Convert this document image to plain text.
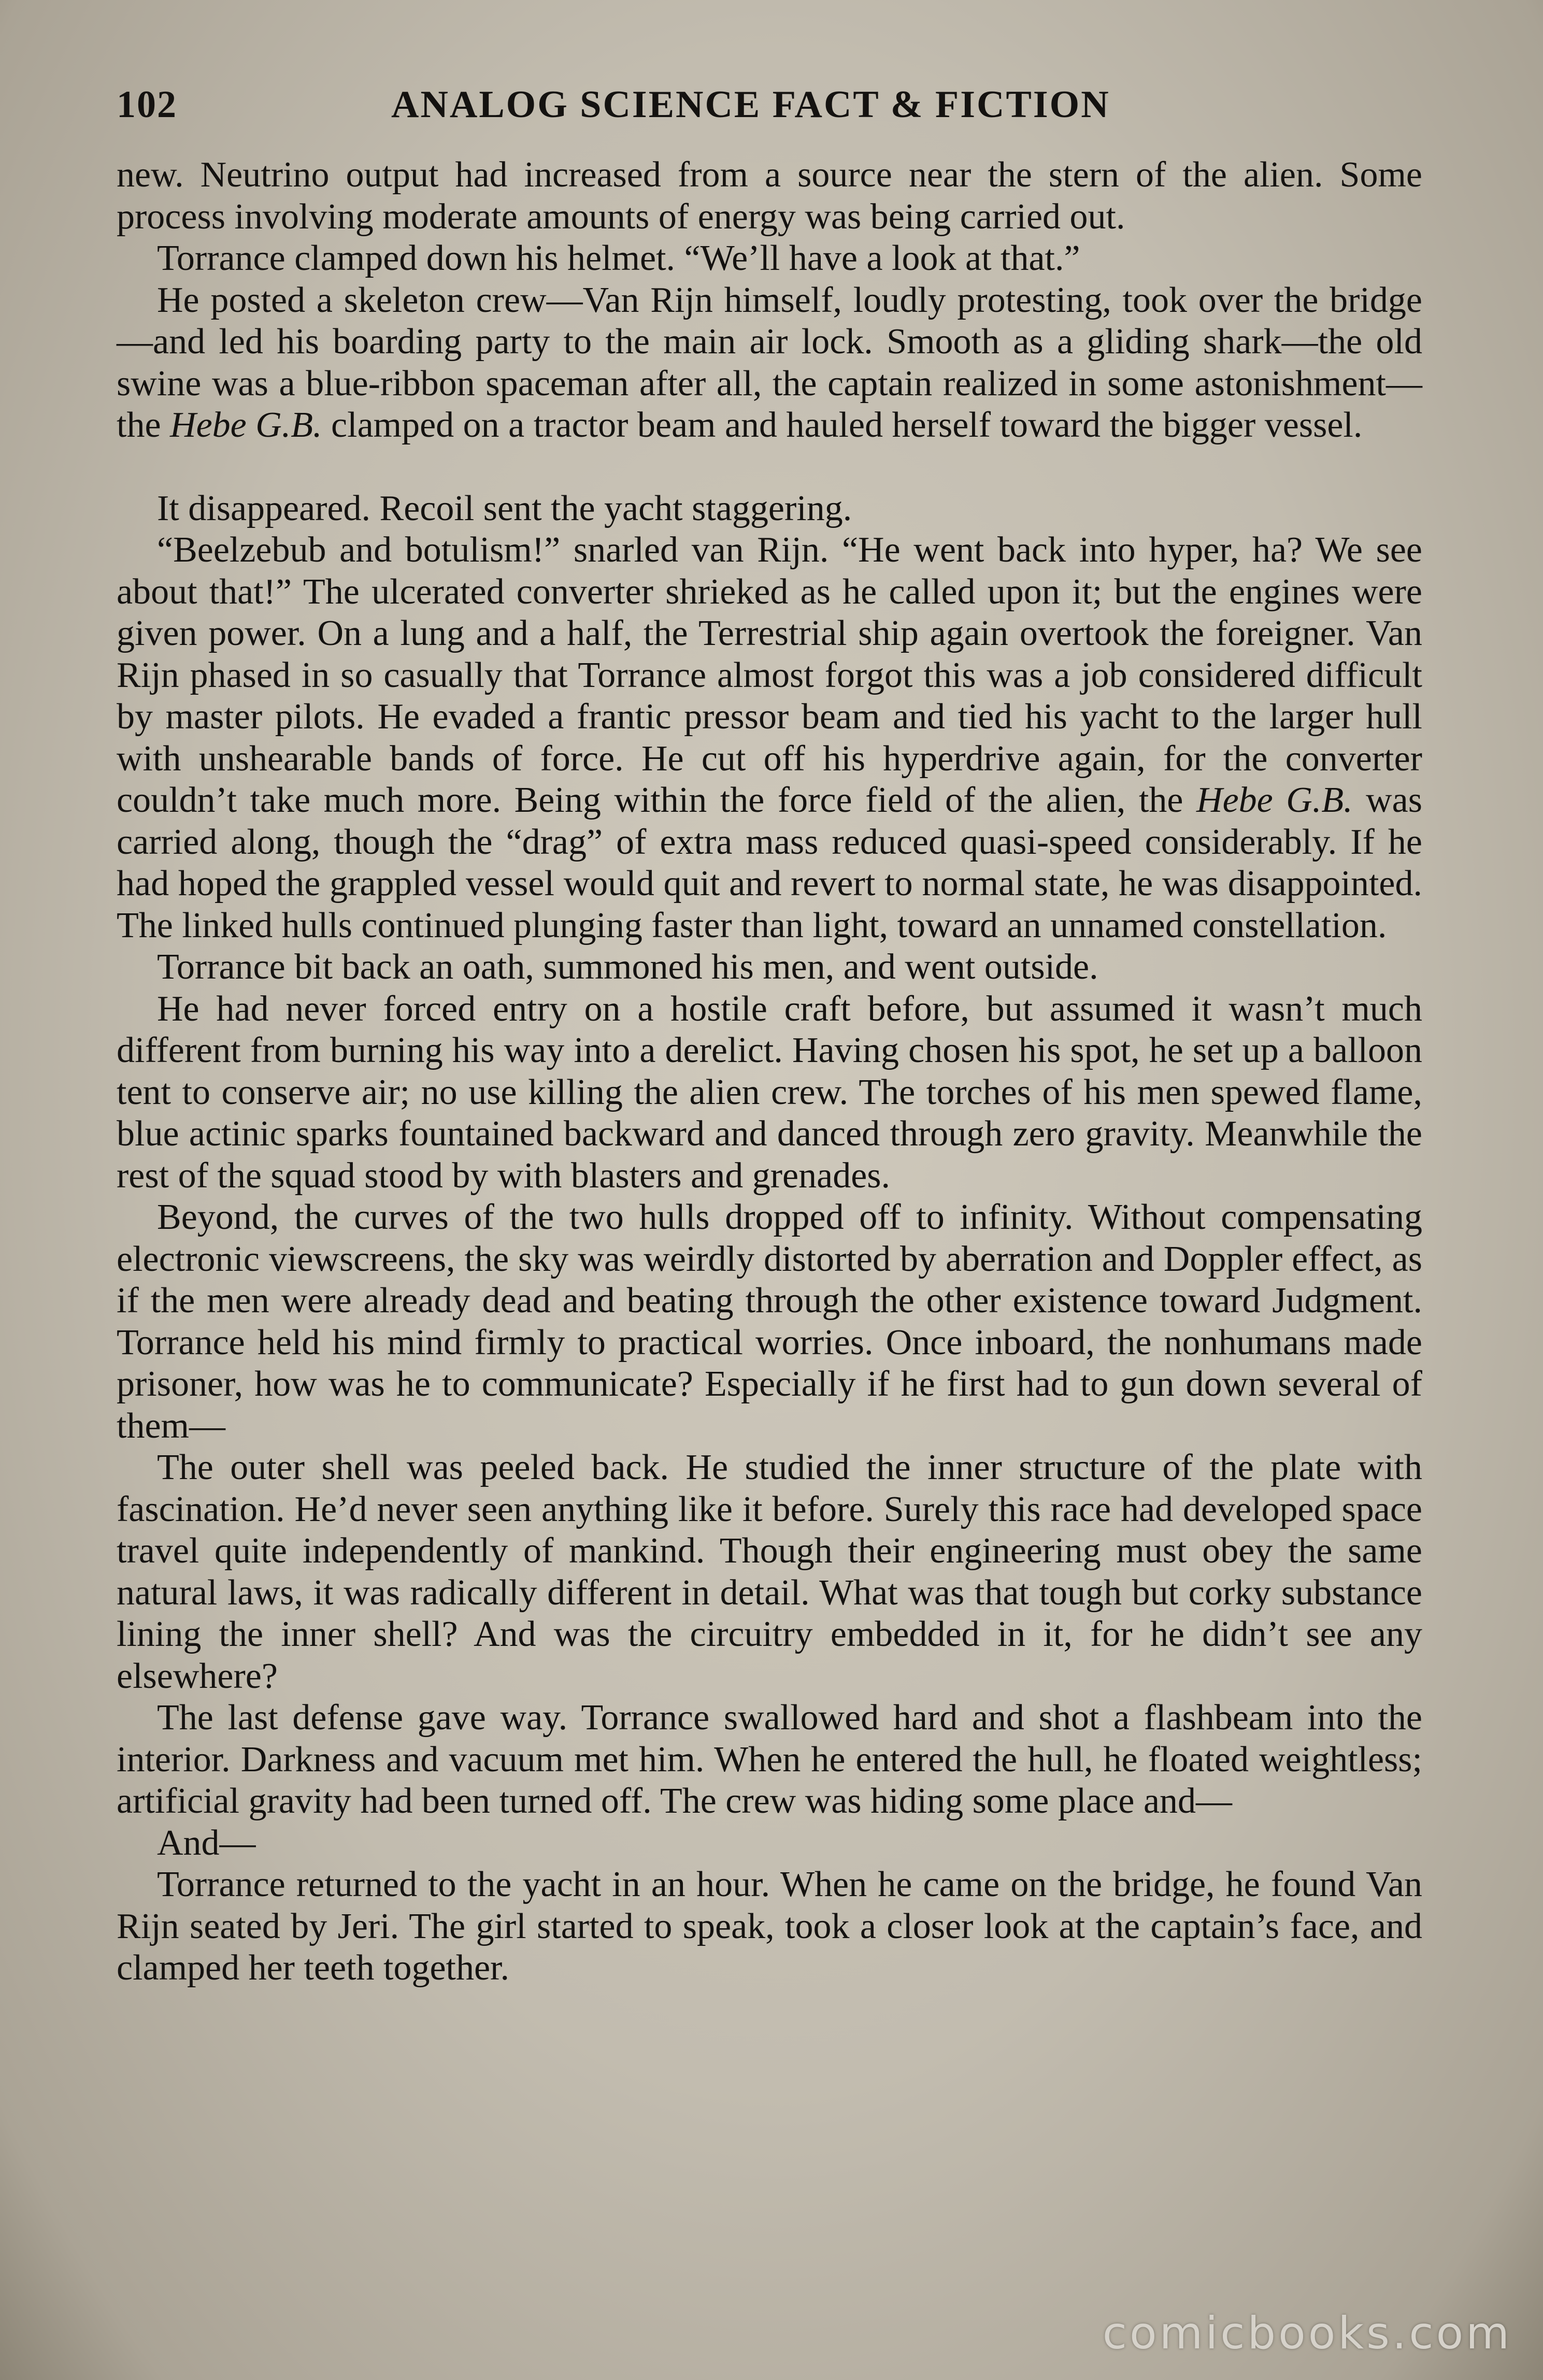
102	ANALOG SCIENCE FACT & FICTION

new. Neutrino output had increased from a source near the stern of the alien. Some process involving moderate amounts of energy was being carried out.

Torrance clamped down his helmet. “We’ll have a look at that.”

He posted a skeleton crew—Van Rijn himself, loudly protesting, took over the bridge—and led his boarding party to the main air lock. Smooth as a gliding shark—the old swine was a blue-ribbon spaceman after all, the captain realized in some astonishment—the Hebe G.B. clamped on a tractor beam and hauled herself toward the bigger vessel.

It disappeared. Recoil sent the yacht staggering.

“Beelzebub and botulism!” snarled van Rijn. “He went back into hyper, ha? We see about that!” The ulcerated converter shrieked as he called upon it; but the engines were given power. On a lung and a half, the Terrestrial ship again overtook the foreigner. Van Rijn phased in so casually that Torrance almost forgot this was a job considered difficult by master pilots. He evaded a frantic pressor beam and tied his yacht to the larger hull with unshearable bands of force. He cut off his hyperdrive again, for the converter couldn’t take much more. Being within the force field of the alien, the Hebe G.B. was carried along, though the “drag” of extra mass reduced quasi-speed considerably. If he had hoped the grappled vessel would quit and revert to normal state, he was disappointed. The linked hulls continued plunging faster than light, toward an unnamed constellation.

Torrance bit back an oath, summoned his men, and went outside.

He had never forced entry on a hostile craft before, but assumed it wasn’t much different from burning his way into a derelict. Having chosen his spot, he set up a balloon tent to conserve air; no use killing the alien crew. The torches of his men spewed flame, blue actinic sparks fountained backward and danced through zero gravity. Meanwhile the rest of the squad stood by with blasters and grenades.

Beyond, the curves of the two hulls dropped off to infinity. Without compensating electronic viewscreens, the sky was weirdly distorted by aberration and Doppler effect, as if the men were already dead and beating through the other existence toward Judgment. Torrance held his mind firmly to practical worries. Once inboard, the nonhumans made prisoner, how was he to communicate? Especially if he first had to gun down several of them—

The outer shell was peeled back. He studied the inner structure of the plate with fascination. He’d never seen anything like it before. Surely this race had developed space travel quite independently of mankind. Though their engineering must obey the same natural laws, it was radically different in detail. What was that tough but corky substance lining the inner shell? And was the circuitry embedded in it, for he didn’t see any elsewhere?

The last defense gave way. Torrance swallowed hard and shot a flashbeam into the interior. Darkness and vacuum met him. When he entered the hull, he floated weightless; artificial gravity had been turned off. The crew was hiding some place and—

And—

Torrance returned to the yacht in an hour. When he came on the bridge, he found Van Rijn seated by Jeri. The girl started to speak, took a closer look at the captain’s face, and clamped her teeth together.

comicbooks.com
